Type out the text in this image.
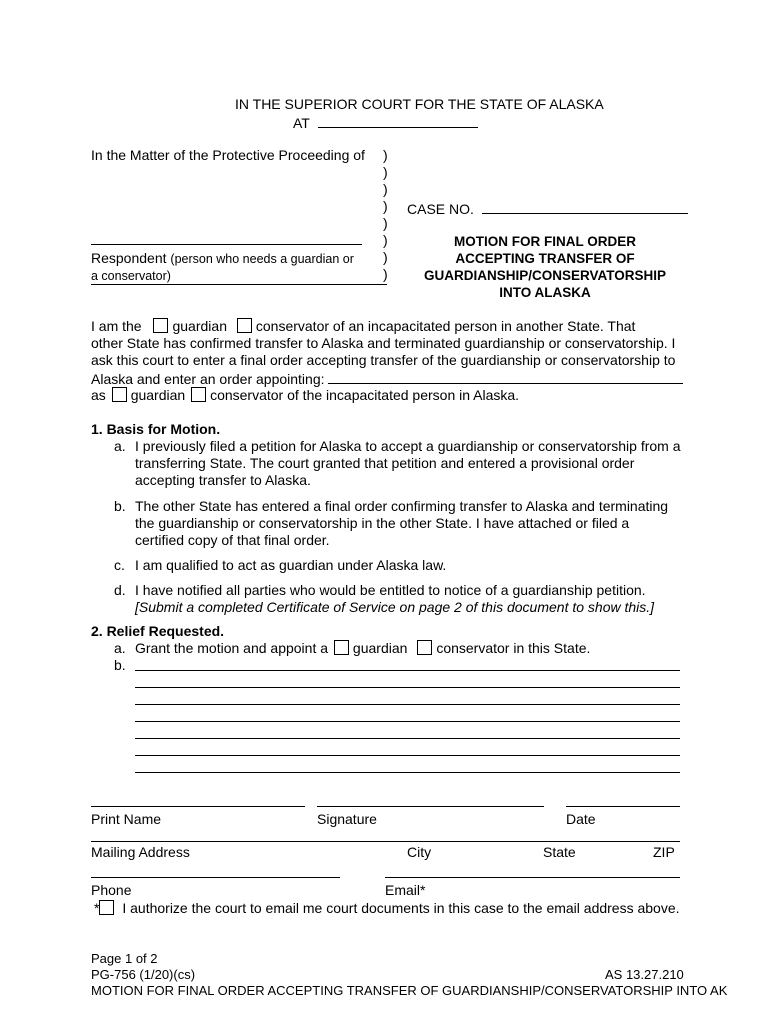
IN THE SUPERIOR COURT FOR THE STATE OF ALASKA
AT
In the Matter of the Protective Proceeding of
Respondent (person who needs a guardian or
a conservator)
)
)
)
)
)
)
)
)
CASE NO.
MOTION FOR FINAL ORDER
ACCEPTING TRANSFER OF
GUARDIANSHIP/CONSERVATORSHIP
INTO ALASKA
I am the guardian conservator of an incapacitated person in another State. That
other State has confirmed transfer to Alaska and terminated guardianship or conservatorship. I
ask this court to enter a final order accepting transfer of the guardianship or conservatorship to
Alaska and enter an order appointing:
as guardian conservator of the incapacitated person in Alaska.
1. Basis for Motion.
a. I previously filed a petition for Alaska to accept a guardianship or conservatorship from a
transferring State. The court granted that petition and entered a provisional order
accepting transfer to Alaska.
b. The other State has entered a final order confirming transfer to Alaska and terminating
the guardianship or conservatorship in the other State. I have attached or filed a
certified copy of that final order.
c. I am qualified to act as guardian under Alaska law.
d. I have notified all parties who would be entitled to notice of a guardianship petition.
[Submit a completed Certificate of Service on page 2 of this document to show this.]
2. Relief Requested.
a. Grant the motion and appoint a guardian conservator in this State.
b.
Print Name	Signature	Date
Mailing Address	City	State	ZIP
Phone	Email*
* I authorize the court to email me court documents in this case to the email address above.
Page 1 of 2
PG-756 (1/20)(cs)	AS 13.27.210
MOTION FOR FINAL ORDER ACCEPTING TRANSFER OF GUARDIANSHIP/CONSERVATORSHIP INTO AK
